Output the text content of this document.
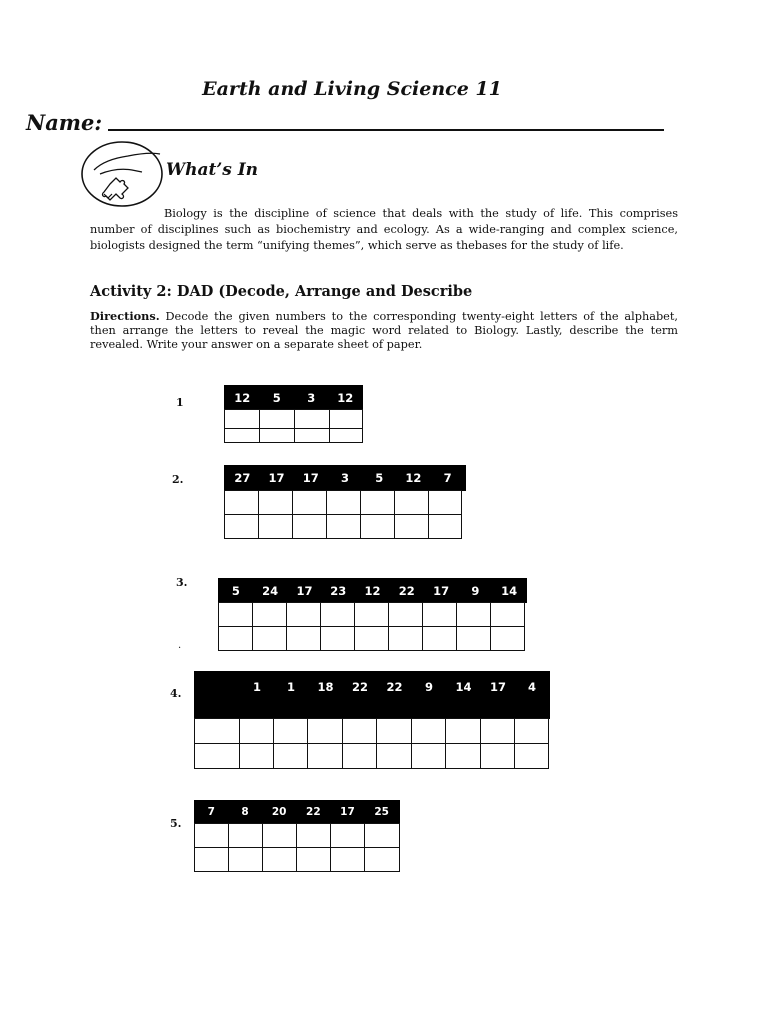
Earth and Living Science 11
Name:
What’s In
Biology is the discipline of science that deals with the study of life. This comprises number of disciplines such as biochemistry and ecology. As a wide-ranging and complex science, biologists designed the term “unifying themes”, which serve as thebases for the study of life.
Activity 2: DAD (Decode, Arrange and Describe
Directions. Decode the given numbers to the corresponding twenty-eight letters of the alphabet, then arrange the letters to reveal the magic word related to Biology. Lastly, describe the term revealed. Write your answer on a separate sheet of paper.
1	12	5	3	12
2.	27	17	17	3	5	12	7
3.
5	24	17	23	12	22	17	9	14
.
4.	1	1	18	22	22	9	14	17	4
5.
7	8	20	22	17	25
